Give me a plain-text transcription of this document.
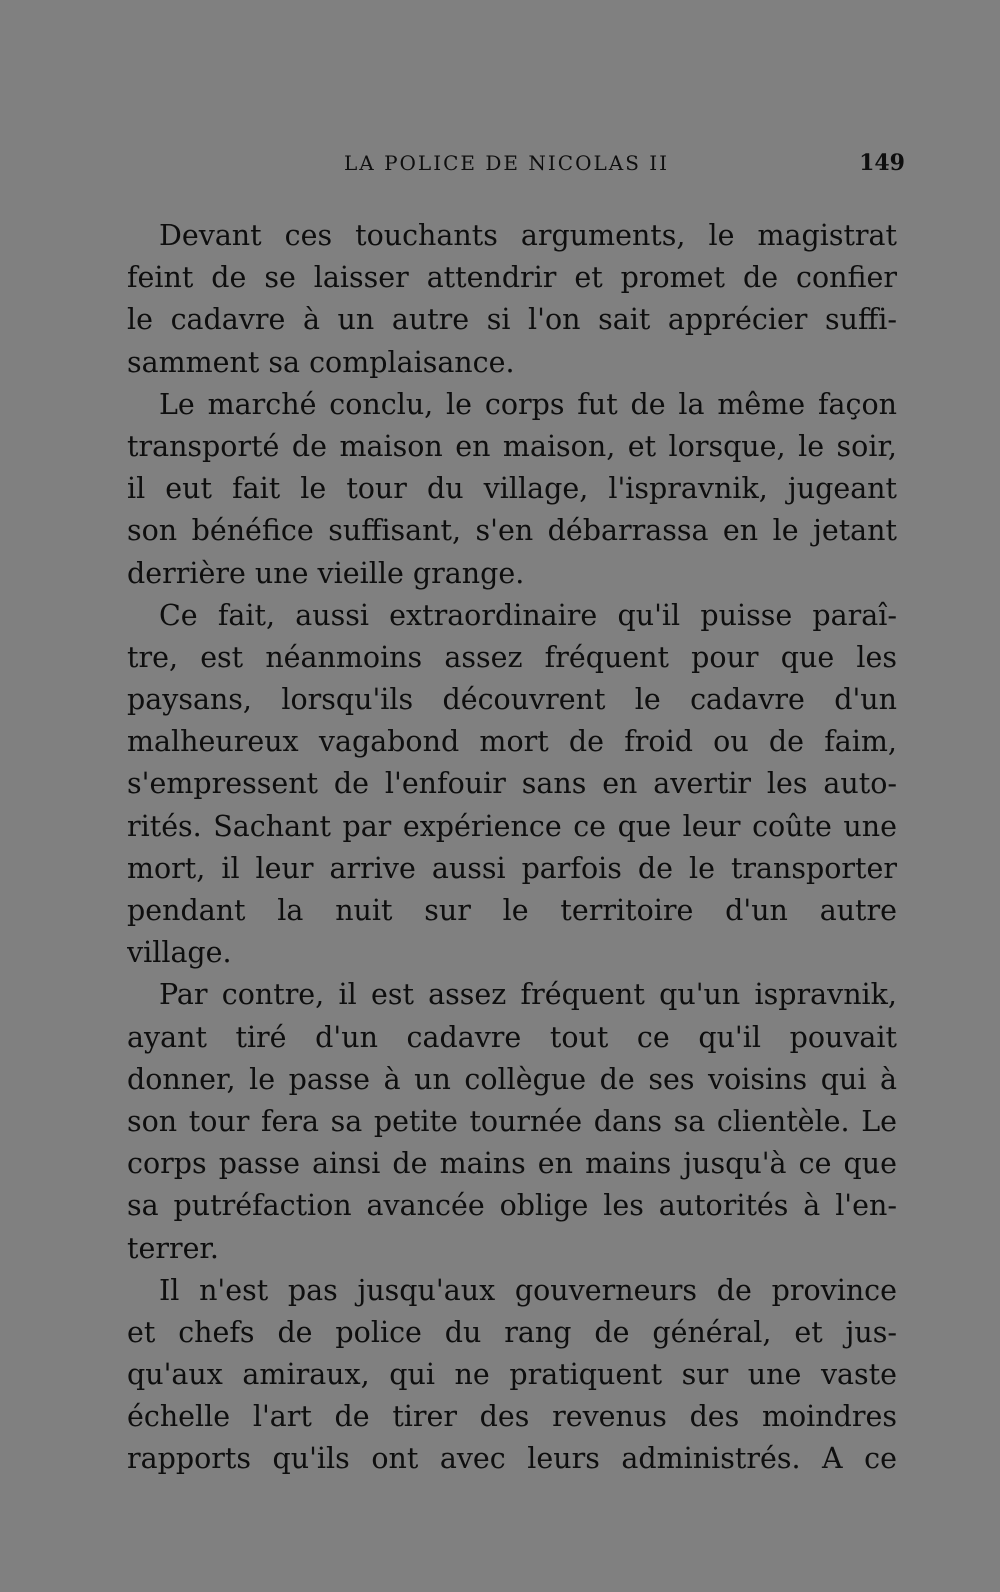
LA POLICE DE NICOLAS II	149
Devant ces touchants arguments, le magistrat
feint de se laisser attendrir et promet de confier
le cadavre à un autre si l'on sait apprécier suffi-
samment sa complaisance.
Le marché conclu, le corps fut de la même façon
transporté de maison en maison, et lorsque, le soir,
il eut fait le tour du village, l'ispravnik, jugeant
son bénéfice suffisant, s'en débarrassa en le jetant
derrière une vieille grange.
Ce fait, aussi extraordinaire qu'il puisse paraî-
tre, est néanmoins assez fréquent pour que les
paysans, lorsqu'ils découvrent le cadavre d'un
malheureux vagabond mort de froid ou de faim,
s'empressent de l'enfouir sans en avertir les auto-
rités. Sachant par expérience ce que leur coûte une
mort, il leur arrive aussi parfois de le transporter
pendant la nuit sur le territoire d'un autre
village.
Par contre, il est assez fréquent qu'un ispravnik,
ayant tiré d'un cadavre tout ce qu'il pouvait
donner, le passe à un collègue de ses voisins qui à
son tour fera sa petite tournée dans sa clientèle. Le
corps passe ainsi de mains en mains jusqu'à ce que
sa putréfaction avancée oblige les autorités à l'en-
terrer.
Il n'est pas jusqu'aux gouverneurs de province
et chefs de police du rang de général, et jus-
qu'aux amiraux, qui ne pratiquent sur une vaste
échelle l'art de tirer des revenus des moindres
rapports qu'ils ont avec leurs administrés. A ce
